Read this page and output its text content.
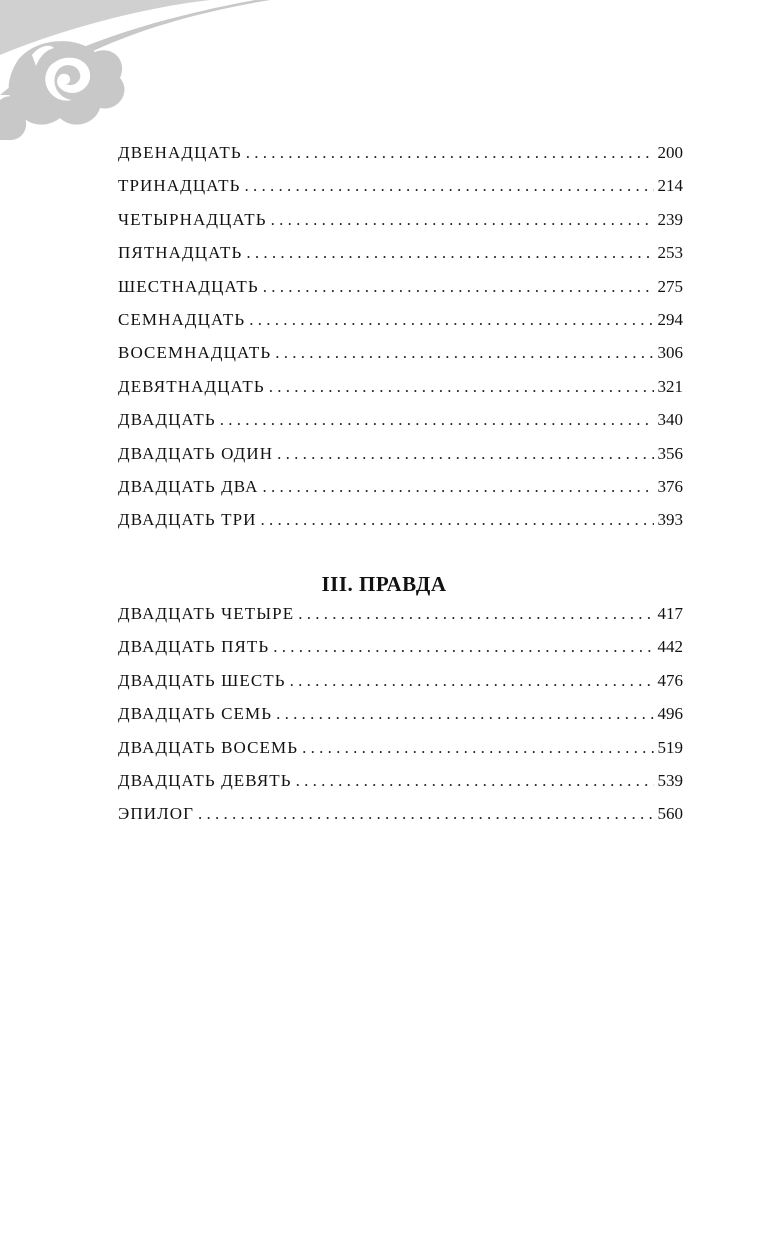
ДВЕНАДЦАТЬ . . .	200
ТРИНАДЦАТЬ . . .	214
ЧЕТЫРНАДЦАТЬ . . .	239
ПЯТНАДЦАТЬ . . .	253
ШЕСТНАДЦАТЬ . . .	275
СЕМНАДЦАТЬ . . .	294
ВОСЕМНАДЦАТЬ . . .	306
ДЕВЯТНАДЦАТЬ . . .	321
ДВАДЦАТЬ . . .	340
ДВАДЦАТЬ ОДИН . . .	356
ДВАДЦАТЬ ДВА . . .	376
ДВАДЦАТЬ ТРИ . . .	393
III. ПРАВДА
ДВАДЦАТЬ ЧЕТЫРЕ . . .	417
ДВАДЦАТЬ ПЯТЬ . . .	442
ДВАДЦАТЬ ШЕСТЬ . . .	476
ДВАДЦАТЬ СЕМЬ . . .	496
ДВАДЦАТЬ ВОСЕМЬ . . .	519
ДВАДЦАТЬ ДЕВЯТЬ . . .	539
ЭПИЛОГ . . .	560
